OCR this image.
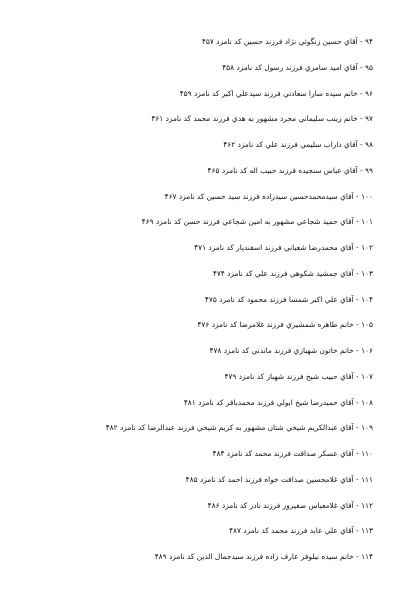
۹۴ - آقاي حسين زنگوئي نژاد فرزند حسين كد نامزد ۴۵۷
۹۵ - آقاي اميد سامري فرزند رسول كد نامزد ۴۵۸
۹۶ - خانم سيده سارا سعادتي فرزند سيدعلي اكبر كد نامزد ۴۵۹
۹۷ - خانم زينب سليماني مجرد مشهور به هدي فرزند محمد كد نامزد ۴۶۱
۹۸ - آقاي داراب سليمي فرزند علي كد نامزد ۴۶۲
۹۹ - آقاي عباس سنجيده فرزند حبيب اله كد نامزد ۴۶۵
۱۰۰ - آقاي سيدمحمدحسين سيدزاده فرزند سيد حسين كد نامزد ۴۶۷
۱۰۱ - آقاي حميد شجاعي مشهور به امين شجاعي فرزند حسن كد نامزد ۴۶۹
۱۰۲ - آقاي محمدرضا شعباني فرزند اسفنديار كد نامزد ۴۷۱
۱۰۳ - آقاي جمشيد شكوهي فرزند علي كد نامزد ۴۷۴
۱۰۴ - آقاي علي اكبر شمسا فرزند محمود كد نامزد ۴۷۵
۱۰۵ - خانم طاهره شمشيري فرزند غلامرضا كد نامزد ۴۷۶
۱۰۶ - خانم خاتون شهبازي فرزند ماندني كد نامزد ۴۷۸
۱۰۷ - آقاي حبيب شيخ فرزند شهباز كد نامزد ۴۷۹
۱۰۸ - آقاي حميدرضا شيخ ابولي فرزند محمدباقر كد نامزد ۴۸۱
۱۰۹ - آقاي عبدالكريم شيخي شتان مشهور به كريم شيخي فرزند عبدالرضا كد نامزد ۴۸۲
۱۱۰ - آقاي عسكر صداقت فرزند محمد كد نامزد ۴۸۴
۱۱۱ - آقاي غلامحسين صداقت خواه فرزند احمد كد نامزد ۴۸۵
۱۱۲ - آقاي غلامعباس صفيرور فرزند نادر كد نامزد ۴۸۶
۱۱۳ - آقاي علي عابد فرزند محمد كد نامزد ۴۸۷
۱۱۴ - خانم سيده نيلوفر عارف زاده فرزند سيدجمال الدين كد نامزد ۴۸۹
